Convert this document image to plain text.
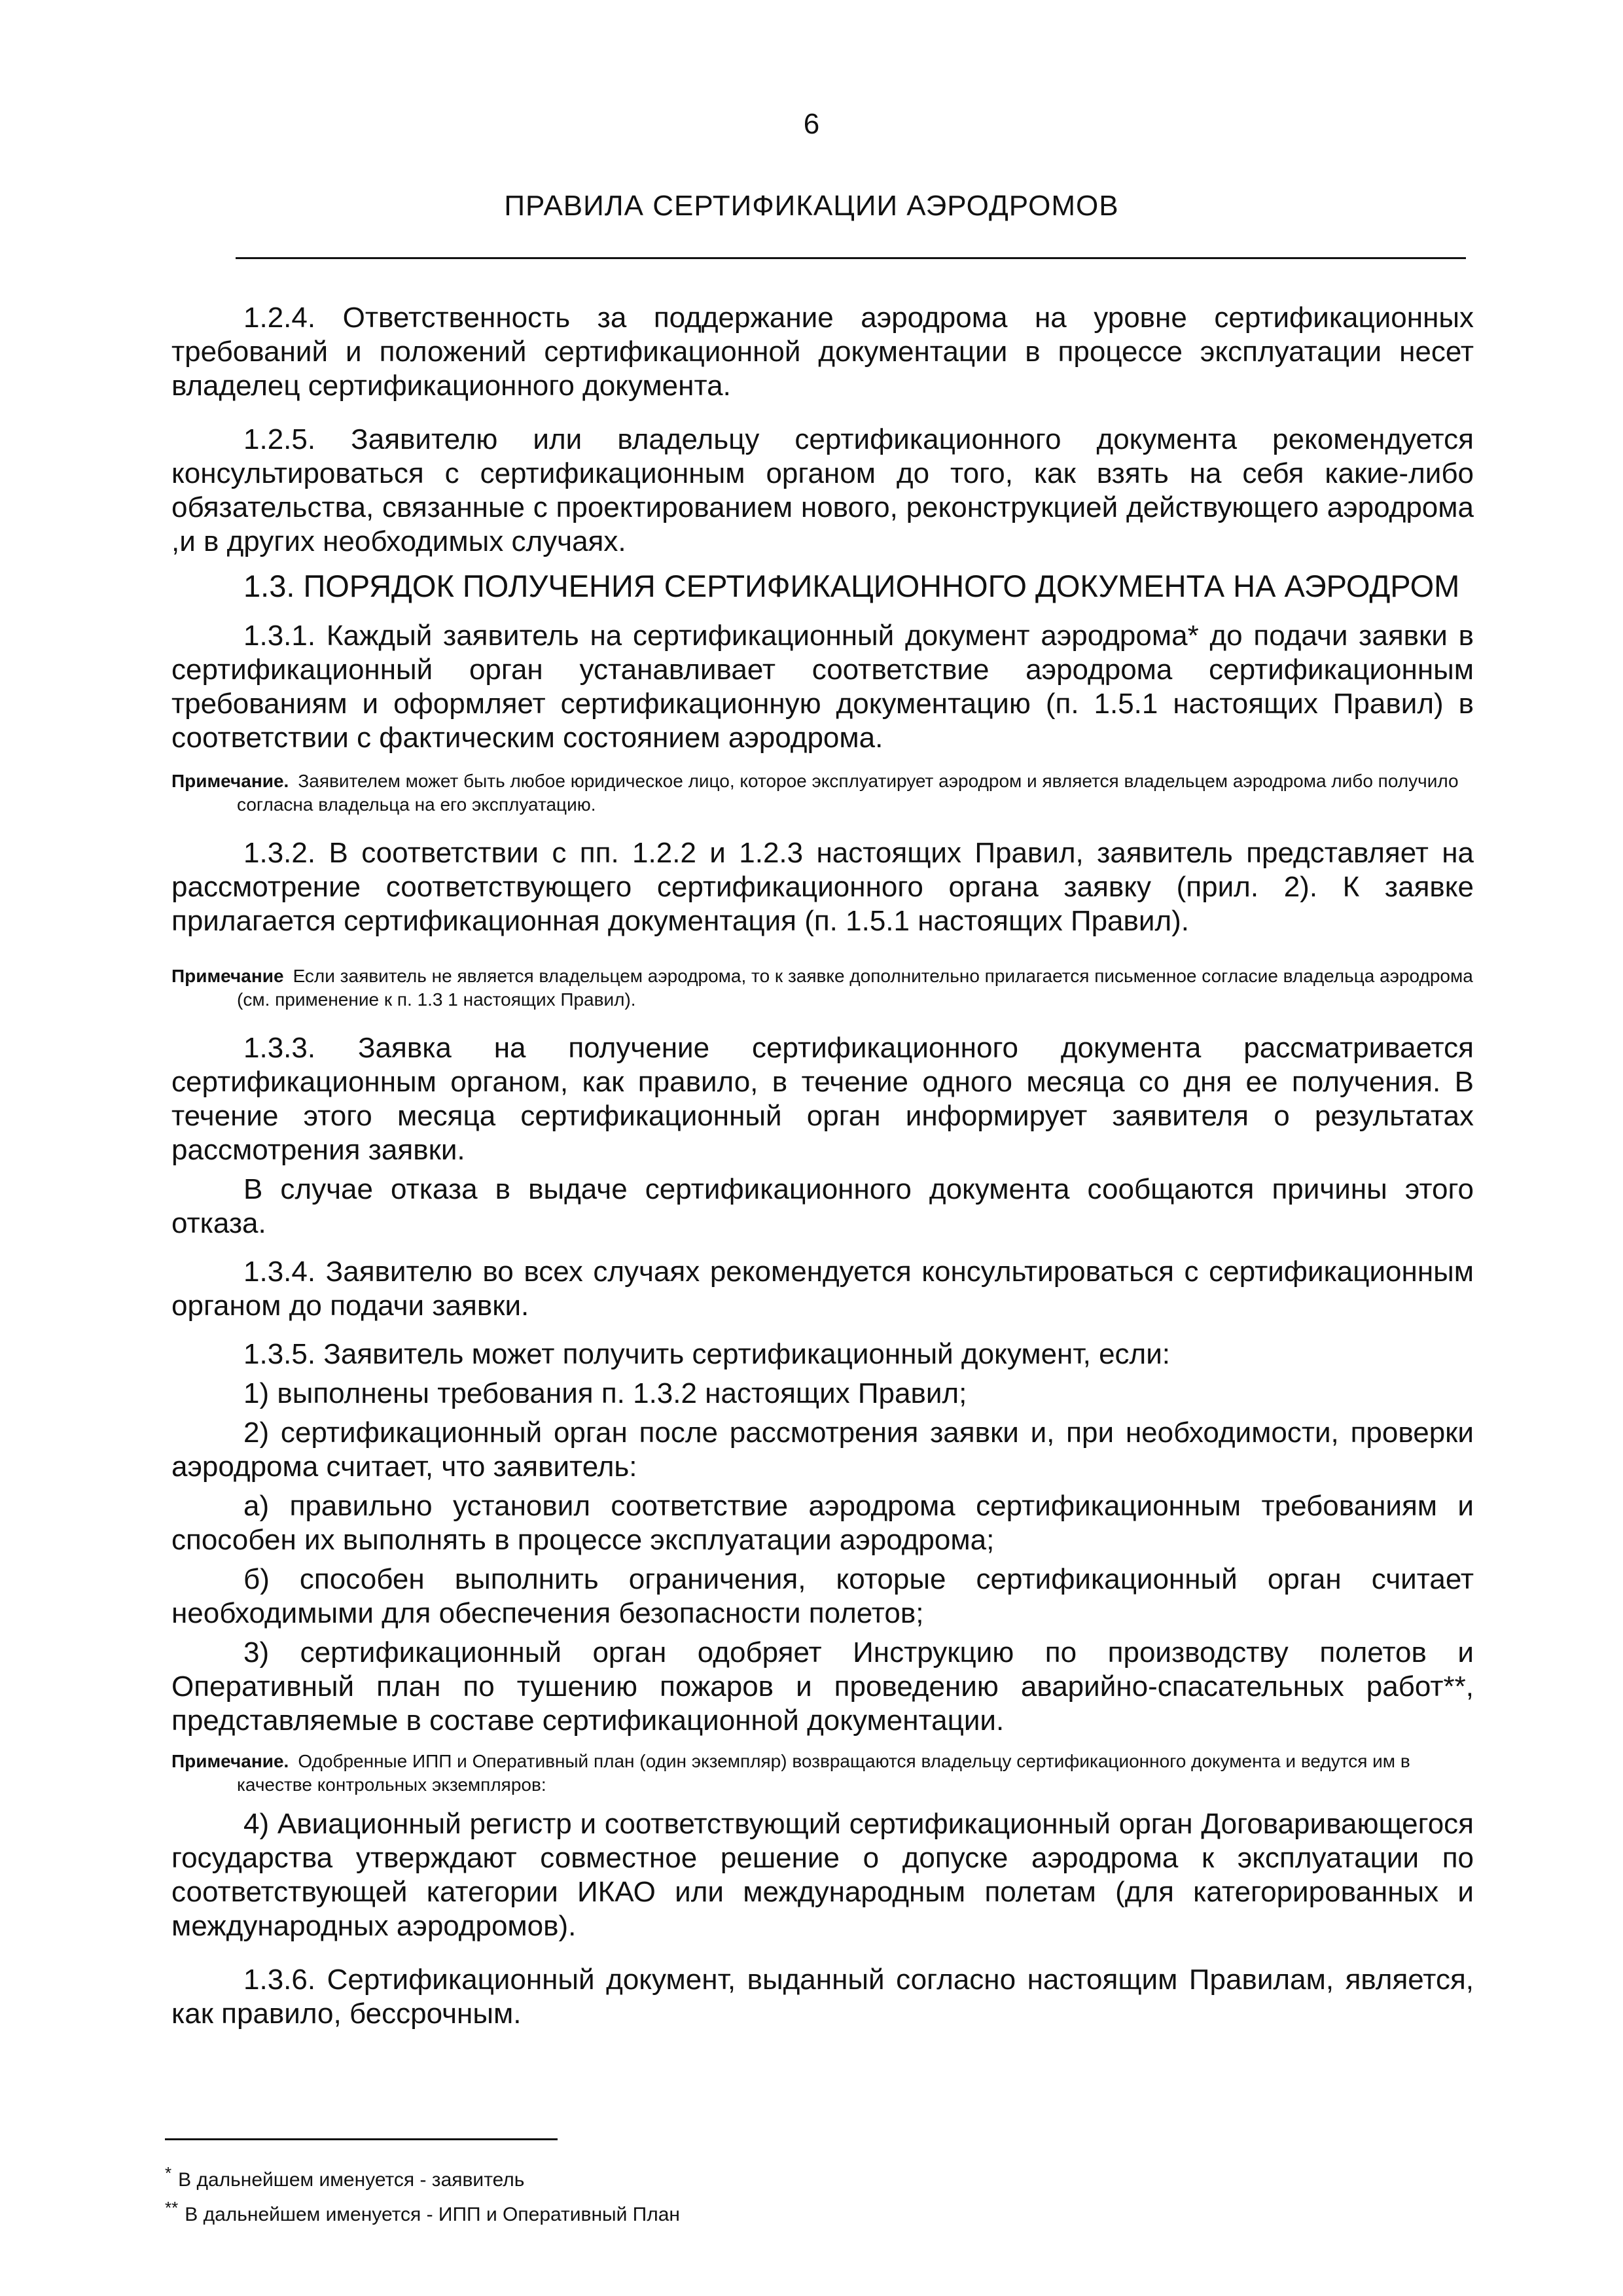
6
ПРАВИЛА СЕРТИФИКАЦИИ АЭРОДРОМОВ

1.2.4. Ответственность за поддержание аэродрома на уровне сертификационных требований и положений сертификационной документации в процессе эксплуатации несет владелец сертификационного документа.

1.2.5. Заявителю или владельцу сертификационного документа рекомендуется консультироваться с сертификационным органом до того, как взять на себя какие-либо обязательства, связанные с проектированием нового, реконструкцией действующего аэродрома ,и в других необходимых случаях.

1.3. ПОРЯДОК ПОЛУЧЕНИЯ СЕРТИФИКАЦИОННОГО ДОКУМЕНТА НА АЭРОДРОМ

1.3.1. Каждый заявитель на сертификационный документ аэродрома* до подачи заявки в сертификационный орган устанавливает соответствие аэродрома сертификационным требованиям и оформляет сертификационную документацию (п. 1.5.1 настоящих Правил) в соответствии с фактическим состоянием аэродрома.

Примечание. Заявителем может быть любое юридическое лицо, которое эксплуатирует аэродром и является владельцем аэродрома либо получило согласна владельца на его эксплуатацию.

1.3.2. В соответствии с пп. 1.2.2 и 1.2.3 настоящих Правил, заявитель представляет на рассмотрение соответствующего сертификационного органа заявку (прил. 2). К заявке прилагается сертификационная документация (п. 1.5.1 настоящих Правил).

Примечание Если заявитель не является владельцем аэродрома, то к заявке дополнительно прилагается письменное согласие владельца аэродрома (см. применение к п. 1.3 1 настоящих Правил).

1.3.3. Заявка на получение сертификационного документа рассматривается сертификационным органом, как правило, в течение одного месяца со дня ее получения. В течение этого месяца сертификационный орган информирует заявителя о результатах рассмотрения заявки.

В случае отказа в выдаче сертификационного документа сообщаются причины этого отказа.

1.3.4. Заявителю во всех случаях рекомендуется консультироваться с сертификационным органом до подачи заявки.

1.3.5. Заявитель может получить сертификационный документ, если:

1) выполнены требования п. 1.3.2 настоящих Правил;

2) сертификационный орган после рассмотрения заявки и, при необходимости, проверки аэродрома считает, что заявитель:

а) правильно установил соответствие аэродрома сертификационным требованиям и способен их выполнять в процессе эксплуатации аэродрома;

б) способен выполнить ограничения, которые сертификационный орган считает необходимыми для обеспечения безопасности полетов;

3) сертификационный орган одобряет Инструкцию по производству полетов и Оперативный план по тушению пожаров и проведению аварийно-спасательных работ**, представляемые в составе сертификационной документации.

Примечание. Одобренные ИПП и Оперативный план (один экземпляр) возвращаются владельцу сертификационного документа и ведутся им в качестве контрольных экземпляров:

4) Авиационный регистр и соответствующий сертификационный орган Договаривающегося государства утверждают совместное решение о допуске аэродрома к эксплуатации по соответствующей категории ИКАО или международным полетам (для категорированных и международных аэродромов).

1.3.6. Сертификационный документ, выданный согласно настоящим Правилам, является, как правило, бессрочным.

* В дальнейшем именуется - заявитель
** В дальнейшем именуется - ИПП и Оперативный План
